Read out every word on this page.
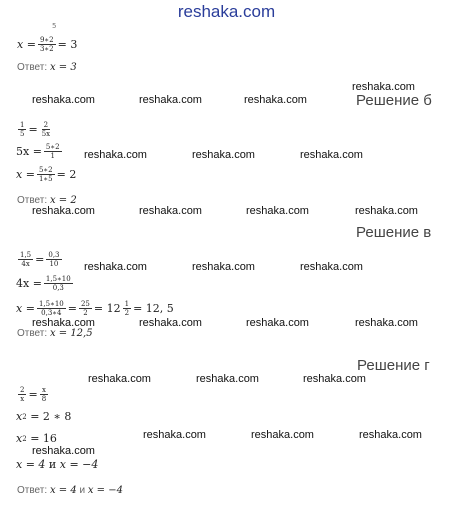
reshaka.com
5
x
= $\frac{9∗2}{3∗2}$ =
3
Ответ: x = 3
reshaka.com
reshaka.com	reshaka.com	reshaka.com	Решение б
$\frac{1}{5} = \frac{2}{5x}$
5x
= $\frac{5∗2}{1}$ reshaka.com	reshaka.com	reshaka.com
x
= $\frac{5∗2}{1∗5}$ =
2
Ответ: x = 2
reshaka.com	reshaka.com	reshaka.com	reshaka.com
Решение в
$\frac{1,5}{4x} = \frac{0,3}{10}$ reshaka.com	reshaka.com	reshaka.com
4x
= $\frac{1,5∗10}{0,3}$
x
= $\frac{1,5∗10}{0,3∗4} = \frac{25}{2}$ =
$12 \frac{1}{2}$ =
12, 5
reshaka.com	reshaka.com	reshaka.com	reshaka.com
Ответ: x = 12,5
Решение г
reshaka.com	reshaka.com	reshaka.com
$\frac{2}{x} = \frac{x}{8}$
x 2
=
2 ∗ 8
reshaka.com	reshaka.com	reshaka.com
x 2
=
16
reshaka.com
x = 4
и
x = −4
Ответ: x = 4 и x = −4
